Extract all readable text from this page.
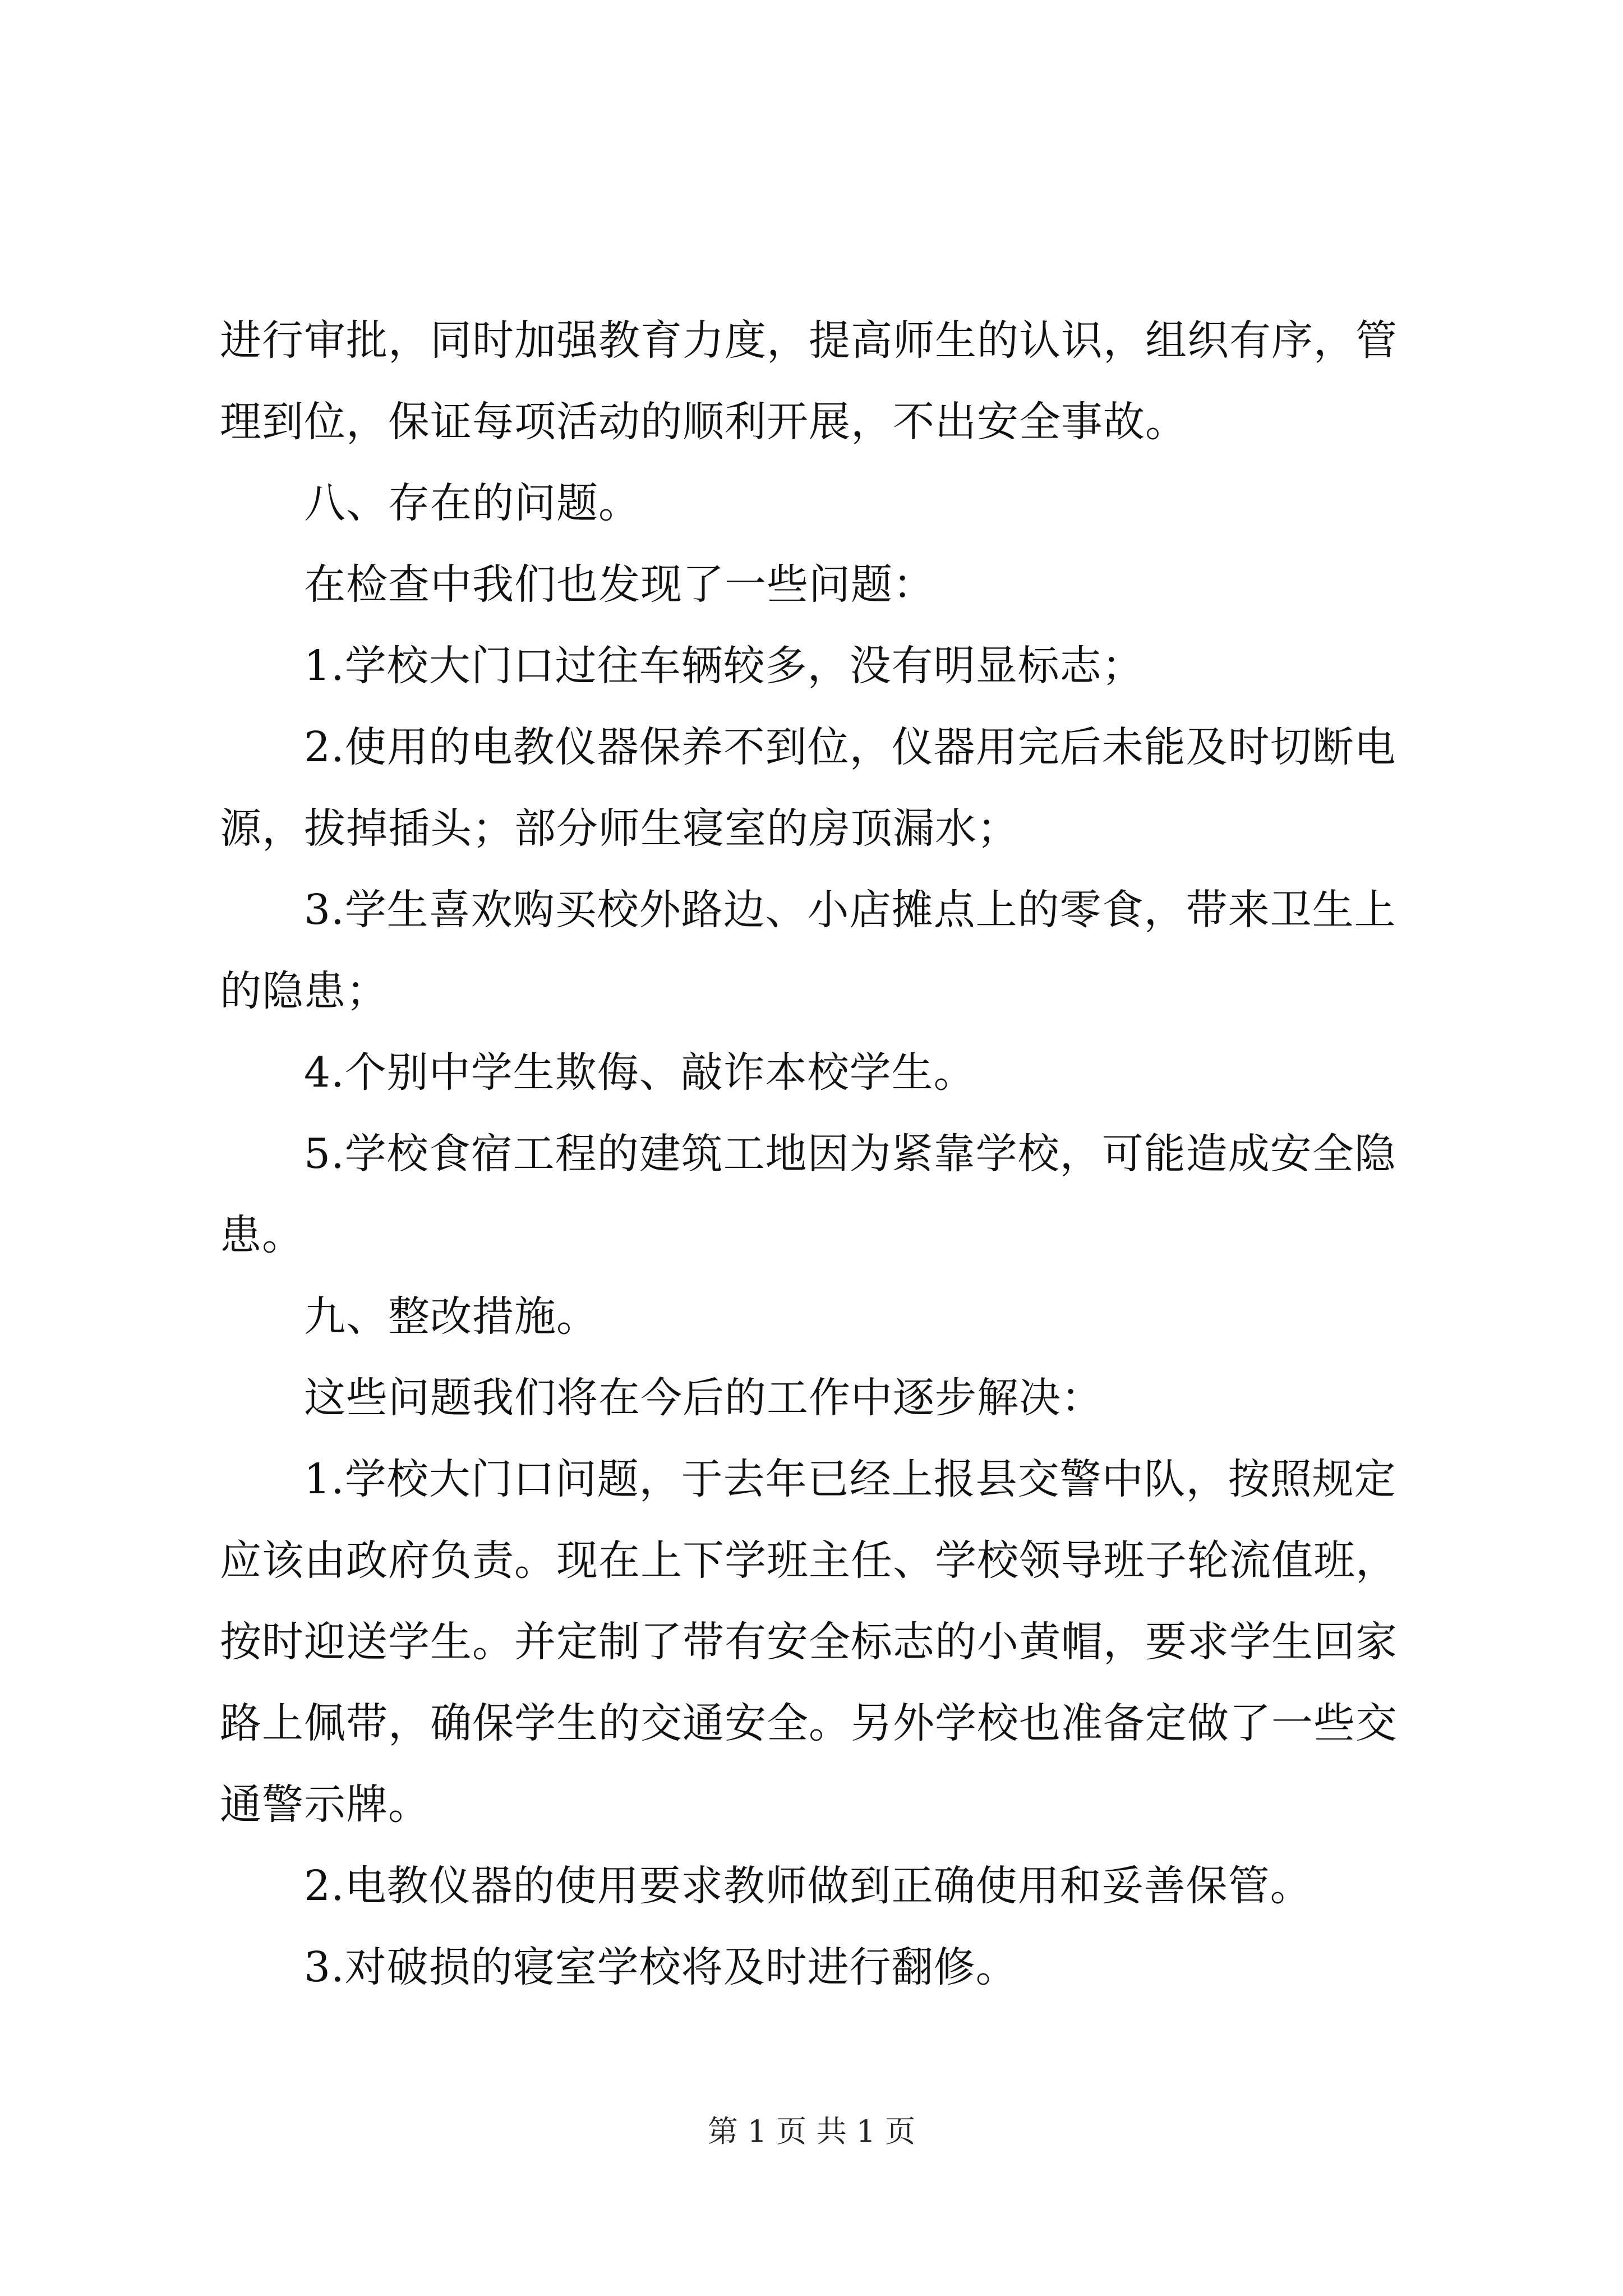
进行审批，同时加强教育力度，提高师生的认识，组织有序，管
理到位，保证每项活动的顺利开展，不出安全事故。
八、存在的问题。
在检查中我们也发现了一些问题：
1.学校大门口过往车辆较多，没有明显标志；
2.使用的电教仪器保养不到位，仪器用完后未能及时切断电
源，拔掉插头；部分师生寝室的房顶漏水；
3.学生喜欢购买校外路边、小店摊点上的零食，带来卫生上
的隐患；
4.个别中学生欺侮、敲诈本校学生。
5.学校食宿工程的建筑工地因为紧靠学校，可能造成安全隐
患。
九、整改措施。
这些问题我们将在今后的工作中逐步解决：
1.学校大门口问题，于去年已经上报县交警中队，按照规定
应该由政府负责。现在上下学班主任、学校领导班子轮流值班，
按时迎送学生。并定制了带有安全标志的小黄帽，要求学生回家
路上佩带，确保学生的交通安全。另外学校也准备定做了一些交
通警示牌。
2.电教仪器的使用要求教师做到正确使用和妥善保管。
3.对破损的寝室学校将及时进行翻修。
第 1 页 共 1 页
